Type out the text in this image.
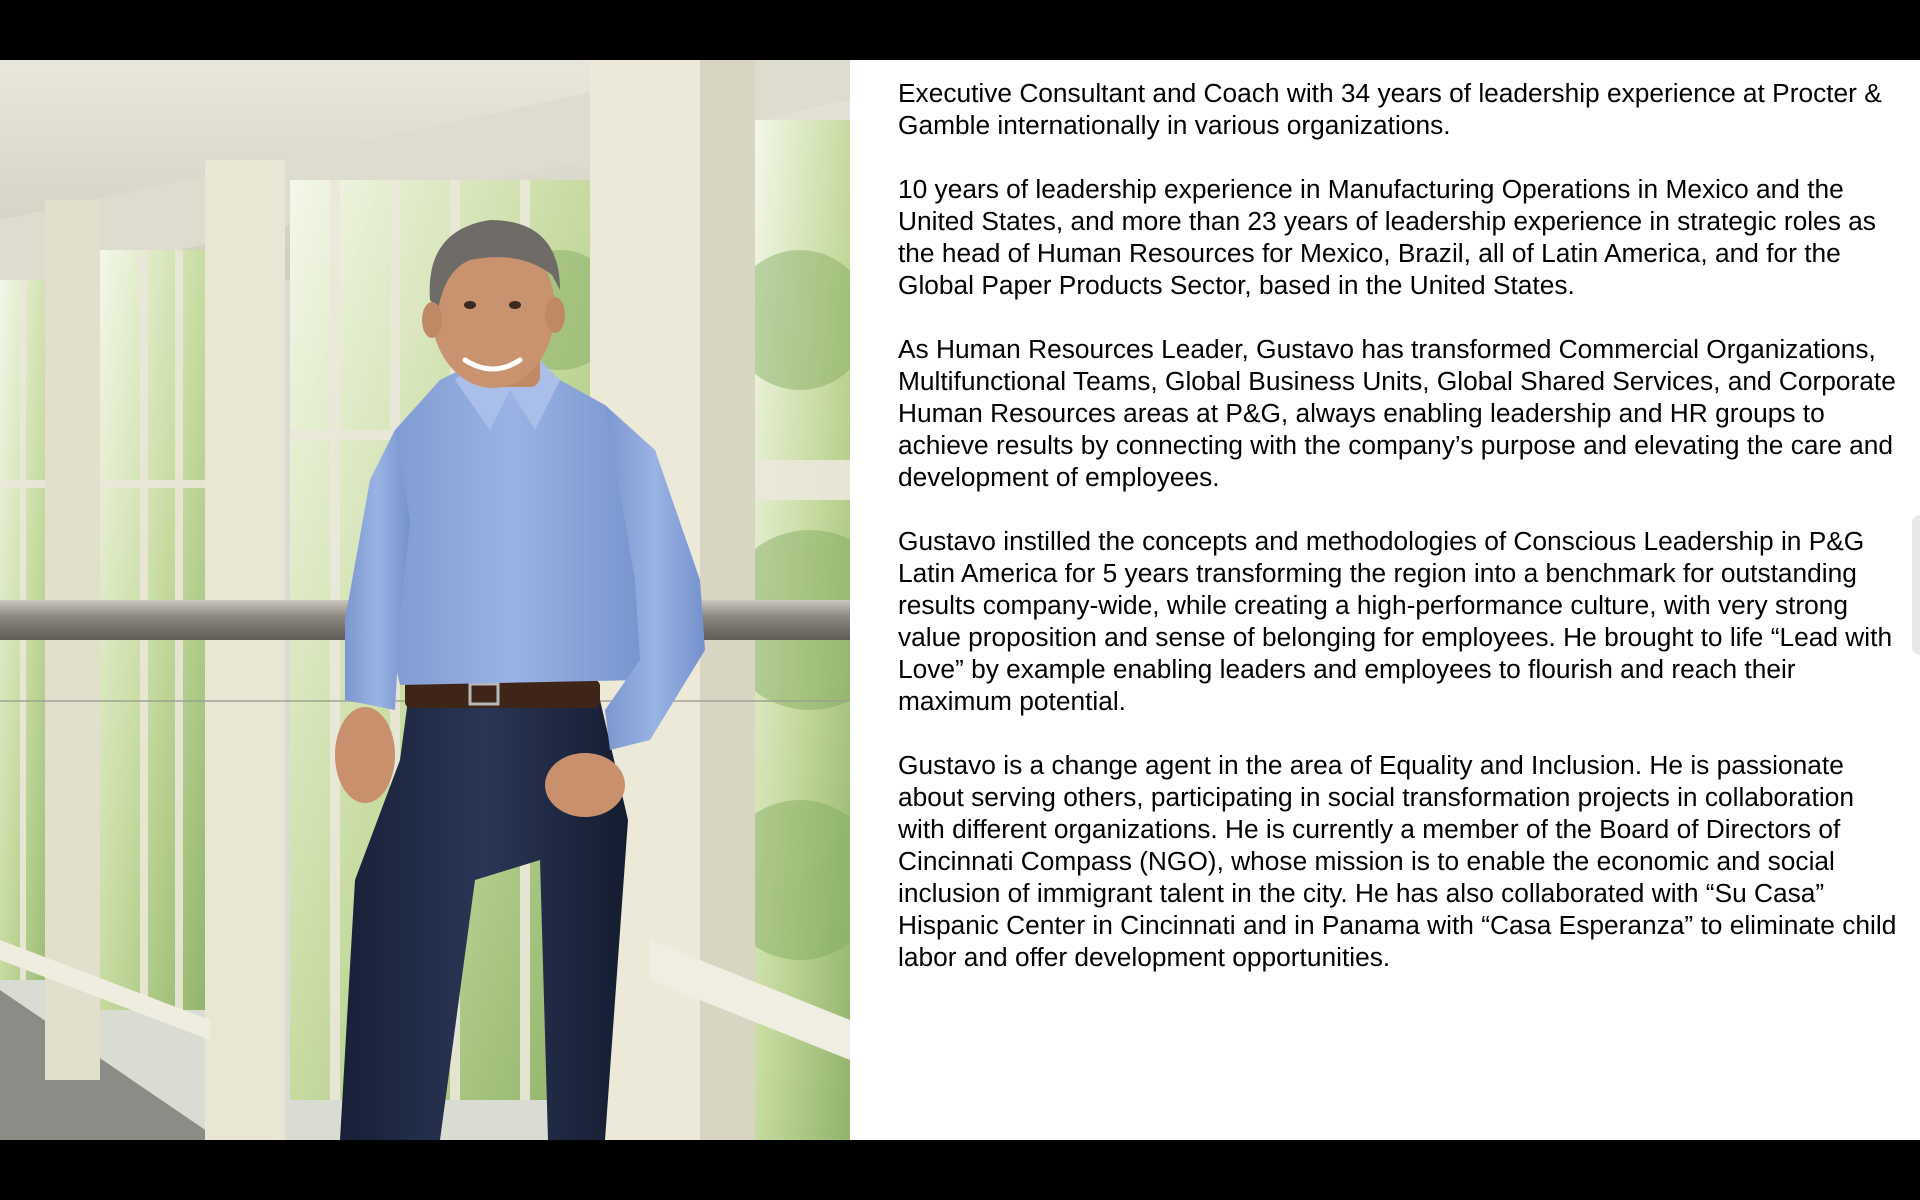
Executive Consultant and Coach with 34 years of leadership experience at Procter & Gamble internationally in various organizations.

10 years of leadership experience in Manufacturing Operations in Mexico and the United States, and more than 23 years of leadership experience in strategic roles as the head of Human Resources for Mexico, Brazil, all of Latin America, and for the Global Paper Products Sector, based in the United States.

As Human Resources Leader, Gustavo has transformed Commercial Organizations, Multifunctional Teams, Global Business Units, Global Shared Services, and Corporate Human Resources areas at P&G, always enabling leadership and HR groups to achieve results by connecting with the company’s purpose and elevating the care and development of employees.

Gustavo instilled the concepts and methodologies of Conscious Leadership in P&G Latin America for 5 years transforming the region into a benchmark for outstanding results company-wide, while creating a high-performance culture, with very strong value proposition and sense of belonging for employees. He brought to life “Lead with Love” by example enabling leaders and employees to flourish and reach their maximum potential.

Gustavo is a change agent in the area of Equality and Inclusion. He is passionate about serving others, participating in social transformation projects in collaboration with different organizations. He is currently a member of the Board of Directors of Cincinnati Compass (NGO), whose mission is to enable the economic and social inclusion of immigrant talent in the city. He has also collaborated with “Su Casa” Hispanic Center in Cincinnati and in Panama with “Casa Esperanza” to eliminate child labor and offer development opportunities.
